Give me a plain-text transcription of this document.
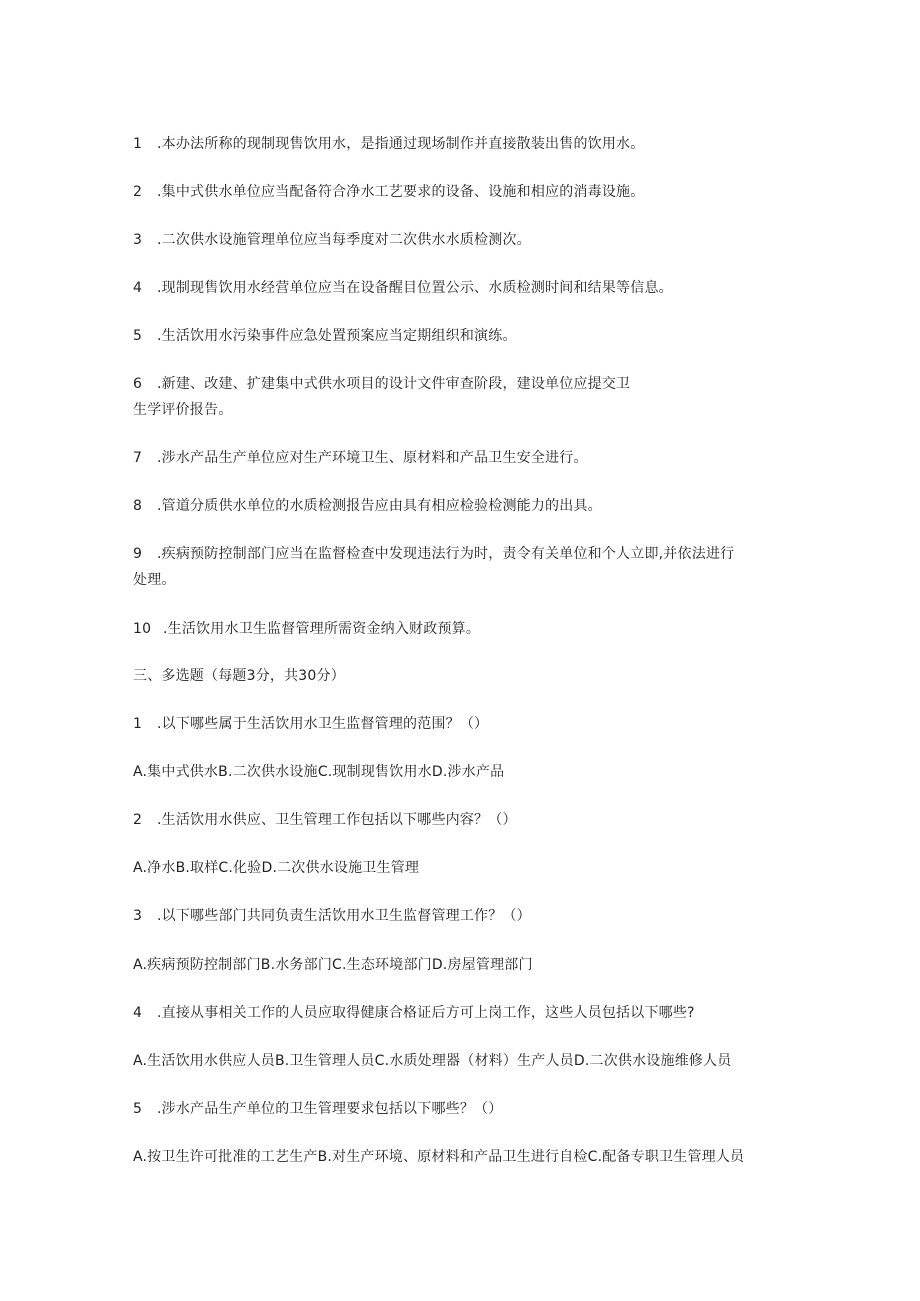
1 .本办法所称的现制现售饮用水，是指通过现场制作并直接散装出售的饮用水。
2 .集中式供水单位应当配备符合净水工艺要求的设备、设施和相应的消毒设施。
3 .二次供水设施管理单位应当每季度对二次供水水质检测次。
4 .现制现售饮用水经营单位应当在设备醒目位置公示、水质检测时间和结果等信息。
5 .生活饮用水污染事件应急处置预案应当定期组织和演练。
6 .新建、改建、扩建集中式供水项目的设计文件审查阶段，建设单位应提交卫
生学评价报告。
7 .涉水产品生产单位应对生产环境卫生、原材料和产品卫生安全进行。
8 .管道分质供水单位的水质检测报告应由具有相应检验检测能力的出具。
9 .疾病预防控制部门应当在监督检查中发现违法行为时，责令有关单位和个人立即,并依法进行
处理。
10 .生活饮用水卫生监督管理所需资金纳入财政预算。
三、多选题（每题3分，共30分）
1 .以下哪些属于生活饮用水卫生监督管理的范围？（）
A.集中式供水B.二次供水设施C.现制现售饮用水D.涉水产品
2 .生活饮用水供应、卫生管理工作包括以下哪些内容？（）
A.净水B.取样C.化验D.二次供水设施卫生管理
3 .以下哪些部门共同负责生活饮用水卫生监督管理工作？（）
A.疾病预防控制部门B.水务部门C.生态环境部门D.房屋管理部门
4 .直接从事相关工作的人员应取得健康合格证后方可上岗工作，这些人员包括以下哪些?
A.生活饮用水供应人员B.卫生管理人员C.水质处理器（材料）生产人员D.二次供水设施维修人员
5 .涉水产品生产单位的卫生管理要求包括以下哪些？（）
A.按卫生许可批准的工艺生产B.对生产环境、原材料和产品卫生进行自检C.配备专职卫生管理人员
